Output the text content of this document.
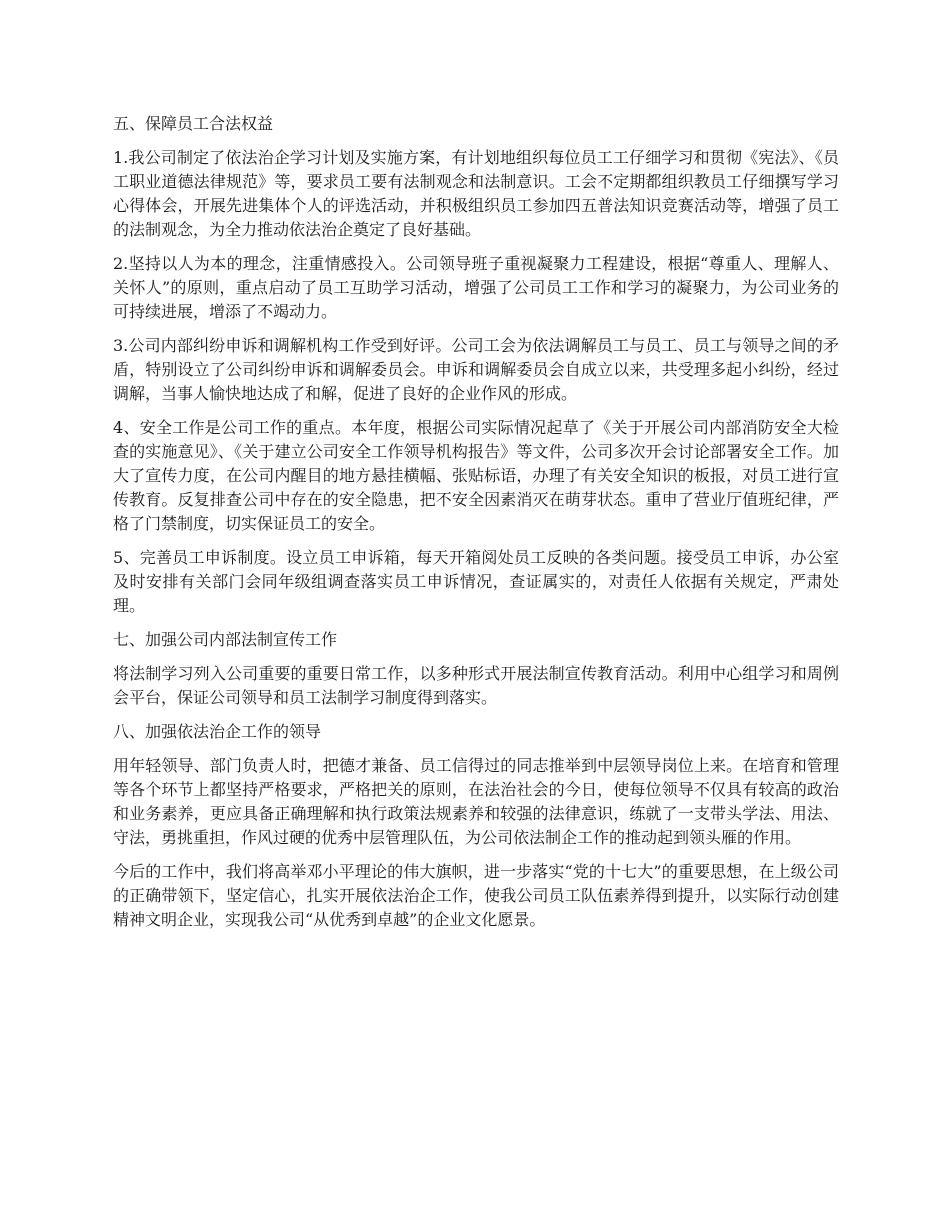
五、保障员工合法权益

1.我公司制定了依法治企学习计划及实施方案，有计划地组织每位员工工仔细学习和贯彻《宪法》、《员工职业道德法律规范》等，要求员工要有法制观念和法制意识。工会不定期都组织教员工仔细撰写学习心得体会，开展先进集体个人的评选活动，并积极组织员工参加四五普法知识竞赛活动等，增强了员工的法制观念，为全力推动依法治企奠定了良好基础。

2.坚持以人为本的理念，注重情感投入。公司领导班子重视凝聚力工程建设，根据“尊重人、理解人、关怀人”的原则，重点启动了员工互助学习活动，增强了公司员工工作和学习的凝聚力，为公司业务的可持续进展，增添了不竭动力。

3.公司内部纠纷申诉和调解机构工作受到好评。公司工会为依法调解员工与员工、员工与领导之间的矛盾，特别设立了公司纠纷申诉和调解委员会。申诉和调解委员会自成立以来，共受理多起小纠纷，经过调解，当事人愉快地达成了和解，促进了良好的企业作风的形成。

4、安全工作是公司工作的重点。本年度，根据公司实际情况起草了《关于开展公司内部消防安全大检查的实施意见》、《关于建立公司安全工作领导机构报告》等文件，公司多次开会讨论部署安全工作。加大了宣传力度，在公司内醒目的地方悬挂横幅、张贴标语，办理了有关安全知识的板报，对员工进行宣传教育。反复排查公司中存在的安全隐患，把不安全因素消灭在萌芽状态。重申了营业厅值班纪律，严格了门禁制度，切实保证员工的安全。

5、完善员工申诉制度。设立员工申诉箱，每天开箱阅处员工反映的各类问题。接受员工申诉，办公室及时安排有关部门会同年级组调查落实员工申诉情况，查证属实的，对责任人依据有关规定，严肃处理。

七、加强公司内部法制宣传工作

将法制学习列入公司重要的重要日常工作，以多种形式开展法制宣传教育活动。利用中心组学习和周例会平台，保证公司领导和员工法制学习制度得到落实。

八、加强依法治企工作的领导

用年轻领导、部门负责人时，把德才兼备、员工信得过的同志推举到中层领导岗位上来。在培育和管理等各个环节上都坚持严格要求，严格把关的原则，在法治社会的今日，使每位领导不仅具有较高的政治和业务素养，更应具备正确理解和执行政策法规素养和较强的法律意识，练就了一支带头学法、用法、守法，勇挑重担，作风过硬的优秀中层管理队伍，为公司依法制企工作的推动起到领头雁的作用。

今后的工作中，我们将高举邓小平理论的伟大旗帜，进一步落实“党的十七大”的重要思想，在上级公司的正确带领下，坚定信心，扎实开展依法治企工作，使我公司员工队伍素养得到提升，以实际行动创建精神文明企业，实现我公司“从优秀到卓越”的企业文化愿景。
